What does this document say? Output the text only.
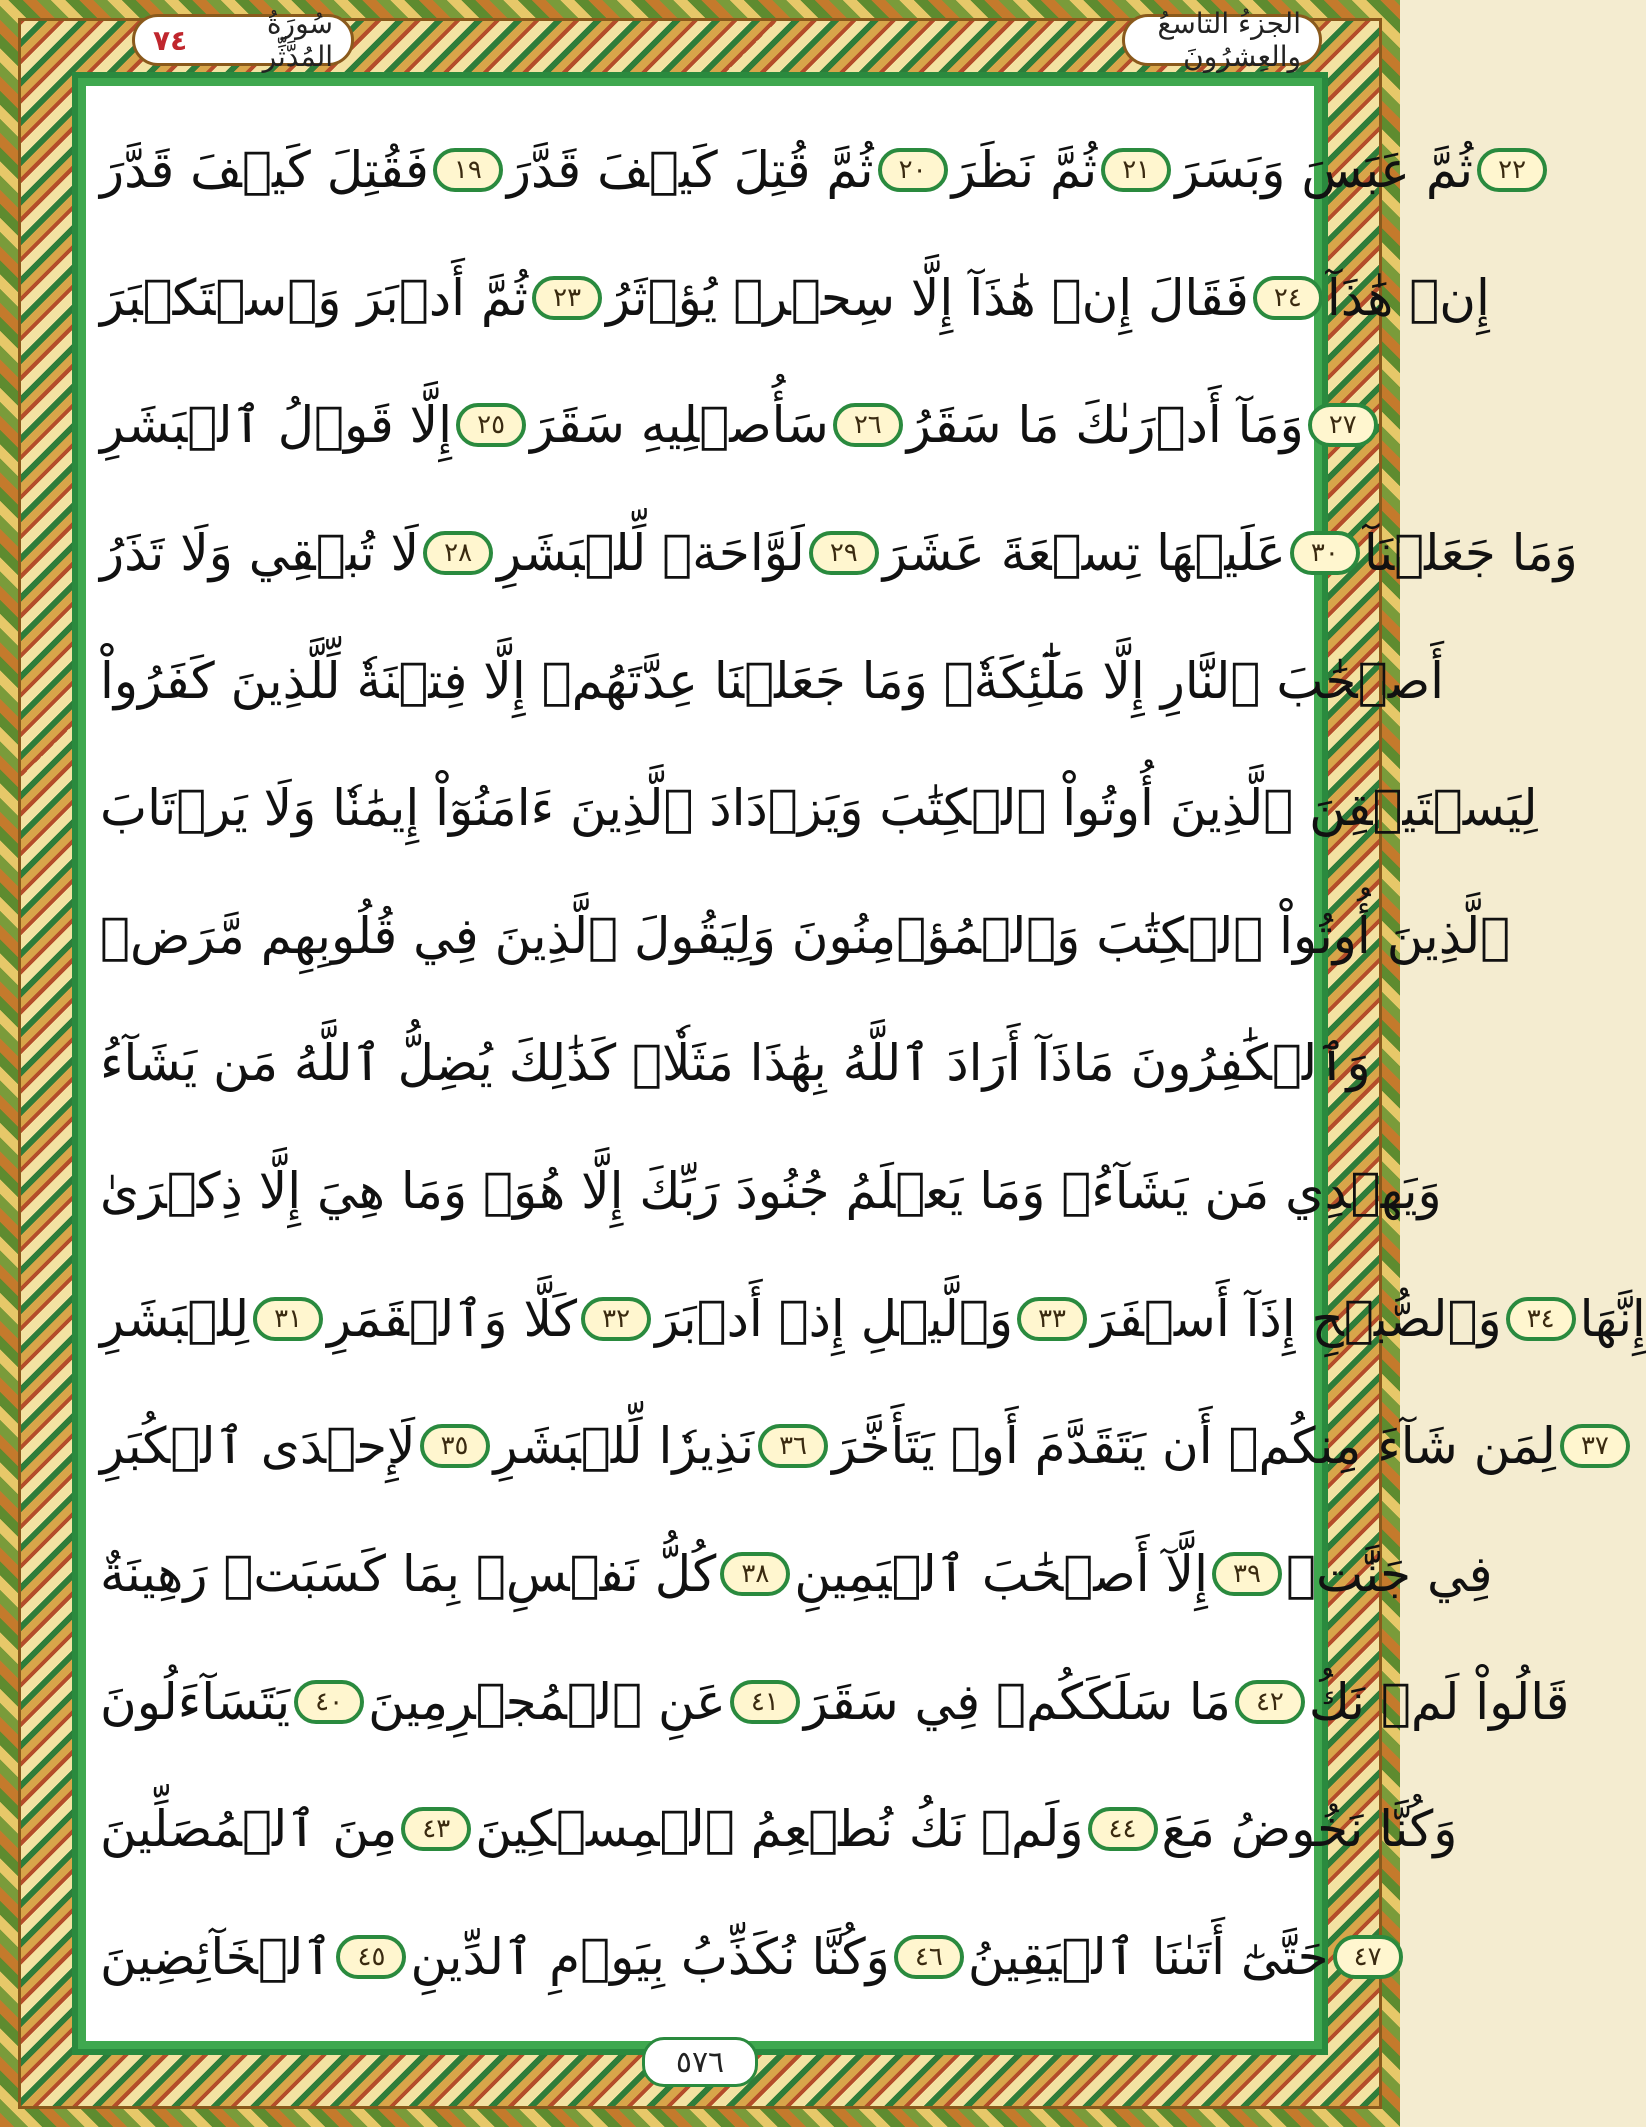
الجزءُ التاسعُ والعِشرُونَ
سُورَةُ المُدَّثِّر
٧٤
فَقُتِلَ كَيۡفَ قَدَّرَ ١٩ ثُمَّ قُتِلَ كَيۡفَ قَدَّرَ ٢٠ ثُمَّ نَظَرَ ٢١ ثُمَّ عَبَسَ وَبَسَرَ ٢٢
ثُمَّ أَدۡبَرَ وَٱسۡتَكۡبَرَ ٢٣ فَقَالَ إِنۡ هَٰذَآ إِلَّا سِحۡرٞ يُؤۡثَرُ ٢٤ إِنۡ هَٰذَآ
إِلَّا قَوۡلُ ٱلۡبَشَرِ ٢٥ سَأُصۡلِيهِ سَقَرَ ٢٦ وَمَآ أَدۡرَىٰكَ مَا سَقَرُ ٢٧
لَا تُبۡقِي وَلَا تَذَرُ ٢٨ لَوَّاحَةٞ لِّلۡبَشَرِ ٢٩ عَلَيۡهَا تِسۡعَةَ عَشَرَ ٣٠ وَمَا جَعَلۡنَآ
أَصۡحَٰبَ ٱلنَّارِ إِلَّا مَلَٰٓئِكَةٗۙ وَمَا جَعَلۡنَا عِدَّتَهُمۡ إِلَّا فِتۡنَةٗ لِّلَّذِينَ كَفَرُواْ
لِيَسۡتَيۡقِنَ ٱلَّذِينَ أُوتُواْ ٱلۡكِتَٰبَ وَيَزۡدَادَ ٱلَّذِينَ ءَامَنُوٓاْ إِيمَٰنٗا وَلَا يَرۡتَابَ
ٱلَّذِينَ أُوتُواْ ٱلۡكِتَٰبَ وَٱلۡمُؤۡمِنُونَ وَلِيَقُولَ ٱلَّذِينَ فِي قُلُوبِهِم مَّرَضٞ
وَٱلۡكَٰفِرُونَ مَاذَآ أَرَادَ ٱللَّهُ بِهَٰذَا مَثَلٗاۚ كَذَٰلِكَ يُضِلُّ ٱللَّهُ مَن يَشَآءُ
وَيَهۡدِي مَن يَشَآءُۚ وَمَا يَعۡلَمُ جُنُودَ رَبِّكَ إِلَّا هُوَۚ وَمَا هِيَ إِلَّا ذِكۡرَىٰ
لِلۡبَشَرِ ٣١ كَلَّا وَٱلۡقَمَرِ ٣٢ وَٱلَّيۡلِ إِذۡ أَدۡبَرَ ٣٣ وَٱلصُّبۡحِ إِذَآ أَسۡفَرَ ٣٤ إِنَّهَا
لَإِحۡدَى ٱلۡكُبَرِ ٣٥ نَذِيرٗا لِّلۡبَشَرِ ٣٦ لِمَن شَآءَ مِنكُمۡ أَن يَتَقَدَّمَ أَوۡ يَتَأَخَّرَ ٣٧
كُلُّ نَفۡسِۭ بِمَا كَسَبَتۡ رَهِينَةٌ ٣٨ إِلَّآ أَصۡحَٰبَ ٱلۡيَمِينِ ٣٩ فِي جَنَّٰتٖ
يَتَسَآءَلُونَ ٤٠ عَنِ ٱلۡمُجۡرِمِينَ ٤١ مَا سَلَكَكُمۡ فِي سَقَرَ ٤٢ قَالُواْ لَمۡ نَكُ
مِنَ ٱلۡمُصَلِّينَ ٤٣ وَلَمۡ نَكُ نُطۡعِمُ ٱلۡمِسۡكِينَ ٤٤ وَكُنَّا نَخُوضُ مَعَ
ٱلۡخَآئِضِينَ ٤٥ وَكُنَّا نُكَذِّبُ بِيَوۡمِ ٱلدِّينِ ٤٦ حَتَّىٰٓ أَتَىٰنَا ٱلۡيَقِينُ ٤٧
٥٧٦
